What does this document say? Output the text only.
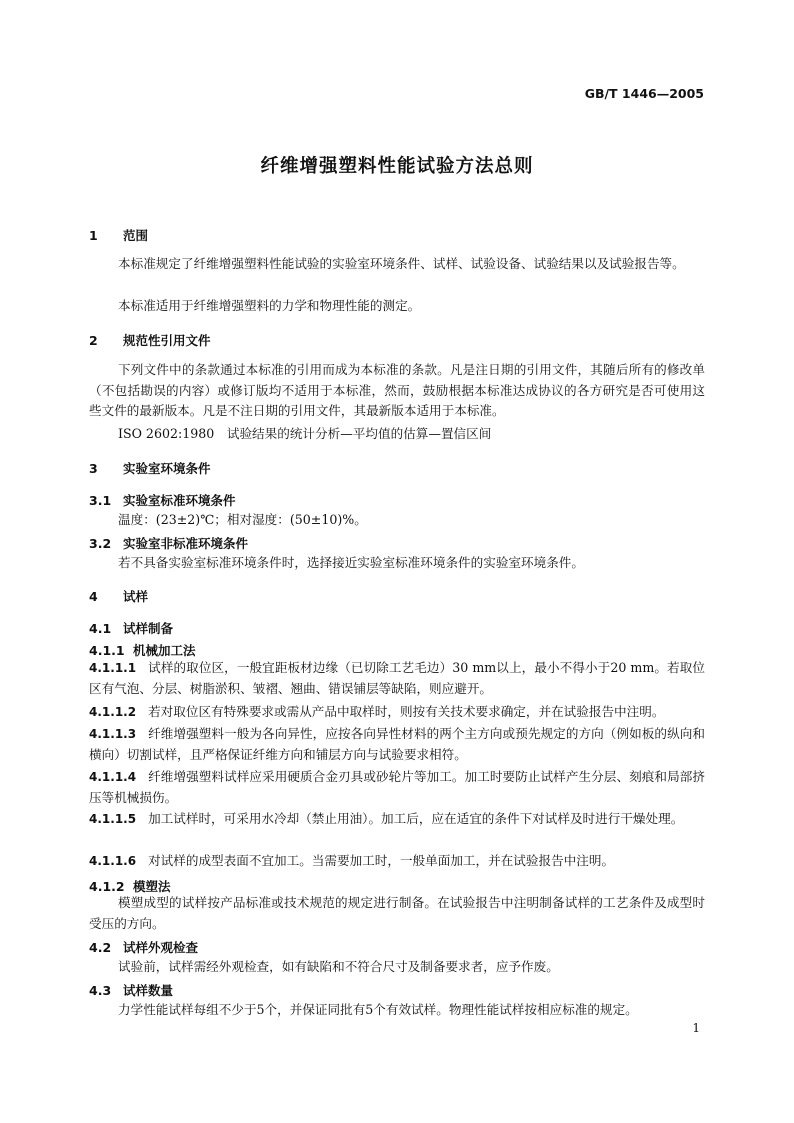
GB/T 1446—2005
纤维增强塑料性能试验方法总则
1 范围
本标准规定了纤维增强塑料性能试验的实验室环境条件、试样、试验设备、试验结果以及试验报告等。
本标准适用于纤维增强塑料的力学和物理性能的测定。
2 规范性引用文件
下列文件中的条款通过本标准的引用而成为本标准的条款。凡是注日期的引用文件，其随后所有的修改单（不包括勘误的内容）或修订版均不适用于本标准，然而，鼓励根据本标准达成协议的各方研究是否可使用这些文件的最新版本。凡是不注日期的引用文件，其最新版本适用于本标准。
ISO 2602:1980　试验结果的统计分析—平均值的估算—置信区间
3 实验室环境条件
3.1 实验室标准环境条件
温度：(23±2)℃；相对湿度：(50±10)%。
3.2 实验室非标准环境条件
若不具备实验室标准环境条件时，选择接近实验室标准环境条件的实验室环境条件。
4 试样
4.1 试样制备
4.1.1 机械加工法
4.1.1.1 试样的取位区，一般宜距板材边缘（已切除工艺毛边）30 mm以上，最小不得小于20 mm。若取位区有气泡、分层、树脂淤积、皱褶、翘曲、错误铺层等缺陷，则应避开。
4.1.1.2 若对取位区有特殊要求或需从产品中取样时，则按有关技术要求确定，并在试验报告中注明。
4.1.1.3 纤维增强塑料一般为各向异性，应按各向异性材料的两个主方向或预先规定的方向（例如板的纵向和横向）切割试样，且严格保证纤维方向和铺层方向与试验要求相符。
4.1.1.4 纤维增强塑料试样应采用硬质合金刃具或砂轮片等加工。加工时要防止试样产生分层、刻痕和局部挤压等机械损伤。
4.1.1.5 加工试样时，可采用水冷却（禁止用油）。加工后，应在适宜的条件下对试样及时进行干燥处理。
4.1.1.6 对试样的成型表面不宜加工。当需要加工时，一般单面加工，并在试验报告中注明。
4.1.2 模塑法
模塑成型的试样按产品标准或技术规范的规定进行制备。在试验报告中注明制备试样的工艺条件及成型时受压的方向。
4.2 试样外观检查
试验前，试样需经外观检查，如有缺陷和不符合尺寸及制备要求者，应予作废。
4.3 试样数量
力学性能试样每组不少于5个，并保证同批有5个有效试样。物理性能试样按相应标准的规定。
1
